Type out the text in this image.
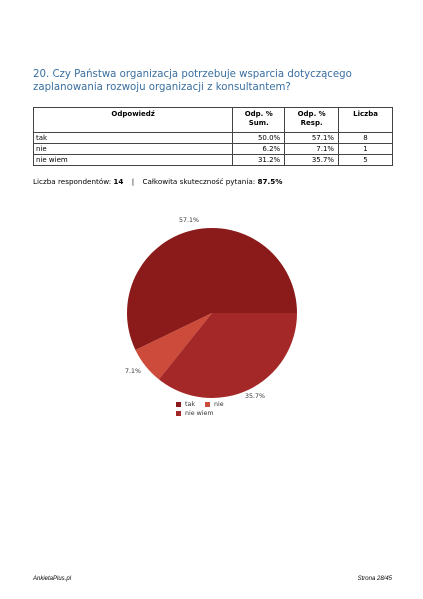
20. Czy Państwa organizacja potrzebuje wsparcia dotyczącego zaplanowania rozwoju organizacji z konsultantem?
Odpowiedź	Odp. % Sum.	Odp. % Resp.	Liczba
tak	50.0%	57.1%	8
nie	6.2%	7.1%	1
nie wiem	31.2%	35.7%	5
Liczba respondentów: 14 | Całkowita skuteczność pytania: 87.5%
57.1%
7.1%
35.7%
tak	nie
nie wiem
AnkietaPlus.pl	Strona 28/45
